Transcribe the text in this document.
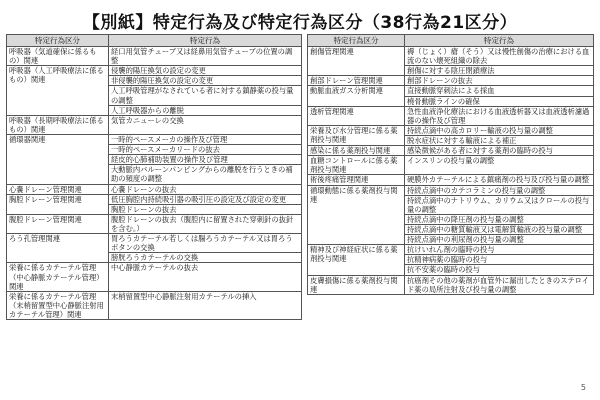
【別紙】特定行為及び特定行為区分（38行為21区分）
特定行為区分	特定行為
呼吸器（気道確保に係るもの）関連	経口用気管チューブ又は経鼻用気管チューブの位置の調整
呼吸器（人工呼吸療法に係るもの）関連	侵襲的陽圧換気の設定の変更
	非侵襲的陽圧換気の設定の変更
	人工呼吸管理がなされている者に対する鎮静薬の投与量の調整
	人工呼吸器からの離脱
呼吸器（長期呼吸療法に係るもの）関連	気管カニューレの交換
循環器関連	一時的ペースメーカの操作及び管理
	一時的ペースメーカリードの抜去
	経皮的心肺補助装置の操作及び管理
	大動脈内バルーンパンピングからの離脱を行うときの補助の頻度の調整
心嚢ドレーン管理関連	心嚢ドレーンの抜去
胸腔ドレーン管理関連	低圧胸腔内持続吸引器の吸引圧の設定及び設定の変更
	胸腔ドレーンの抜去
腹腔ドレーン管理関連	腹腔ドレーンの抜去（腹腔内に留置された穿刺針の抜針を含む。）
ろう孔管理関連	胃ろうカテーテル若しくは腸ろうカテーテル又は胃ろうボタンの交換
	膀胱ろうカテーテルの交換
栄養に係るカテーテル管理（中心静脈カテーテル管理）関連	中心静脈カテーテルの抜去
栄養に係るカテーテル管理（末梢留置型中心静脈注射用カテーテル管理）関連	末梢留置型中心静脈注射用カテーテルの挿入
特定行為区分	特定行為
創傷管理関連	褥（じょく）瘡（そう）又は慢性創傷の治療における血流のない壊死組織の除去
	創傷に対する陰圧閉鎖療法
創部ドレーン管理関連	創部ドレーンの抜去
動脈血液ガス分析関連	直接動脈穿刺法による採血
	橈骨動脈ラインの確保
透析管理関連	急性血液浄化療法における血液透析器又は血液透析濾過器の操作及び管理
栄養及び水分管理に係る薬剤投与関連	持続点滴中の高カロリー輸液の投与量の調整
	脱水症状に対する輸液による補正
感染に係る薬剤投与関連	感染徴候がある者に対する薬剤の臨時の投与
血糖コントロールに係る薬剤投与関連	インスリンの投与量の調整
術後疼痛管理関連	硬膜外カテーテルによる鎮痛剤の投与及び投与量の調整
循環動態に係る薬剤投与関連	持続点滴中のカテコラミンの投与量の調整
	持続点滴中のナトリウム、カリウム又はクロールの投与量の調整
	持続点滴中の降圧剤の投与量の調整
	持続点滴中の糖質輸液又は電解質輸液の投与量の調整
	持続点滴中の利尿剤の投与量の調整
精神及び神経症状に係る薬剤投与関連	抗けいれん剤の臨時の投与
	抗精神病薬の臨時の投与
	抗不安薬の臨時の投与
皮膚損傷に係る薬剤投与関連	抗癌剤その他の薬剤が血管外に漏出したときのステロイド薬の局所注射及び投与量の調整
5
